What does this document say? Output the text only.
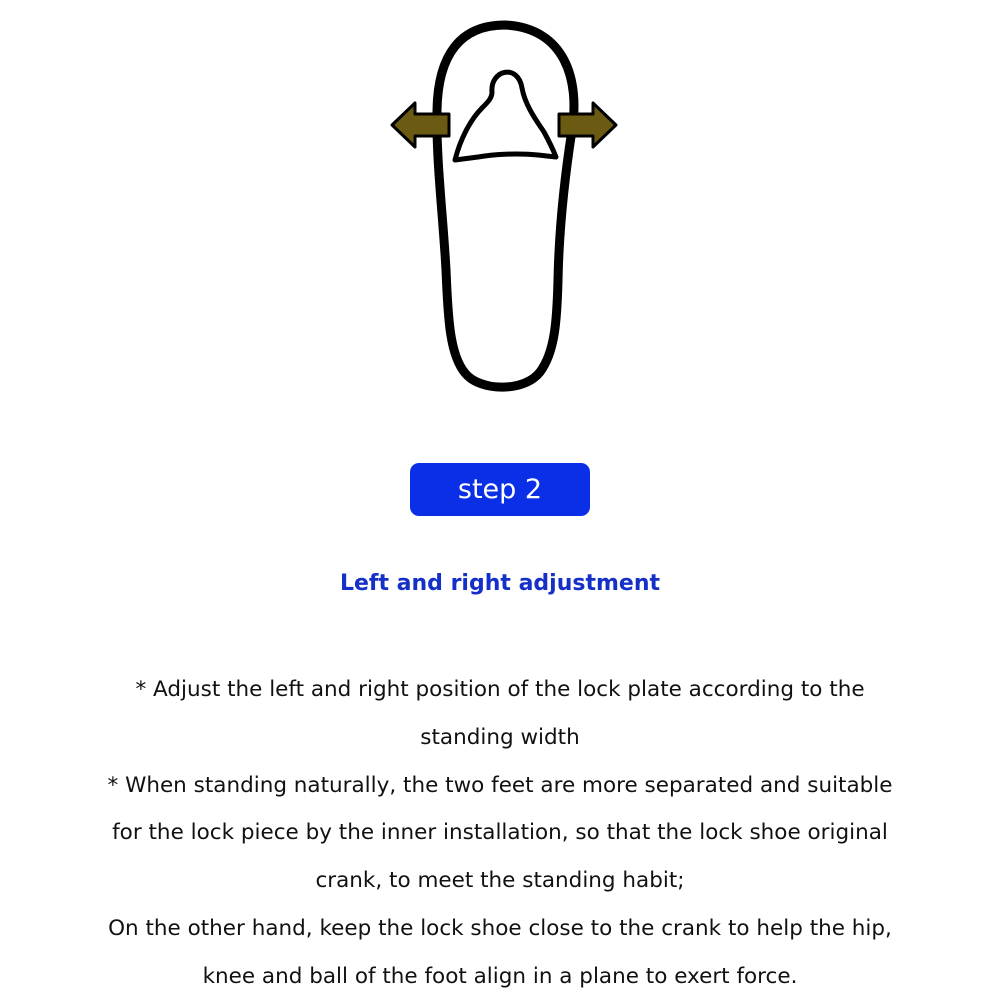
step 2
Left and right adjustment
* Adjust the left and right position of the lock plate according to the
standing width
* When standing naturally, the two feet are more separated and suitable
for the lock piece by the inner installation, so that the lock shoe original
crank, to meet the standing habit;
On the other hand, keep the lock shoe close to the crank to help the hip,
knee and ball of the foot align in a plane to exert force.
